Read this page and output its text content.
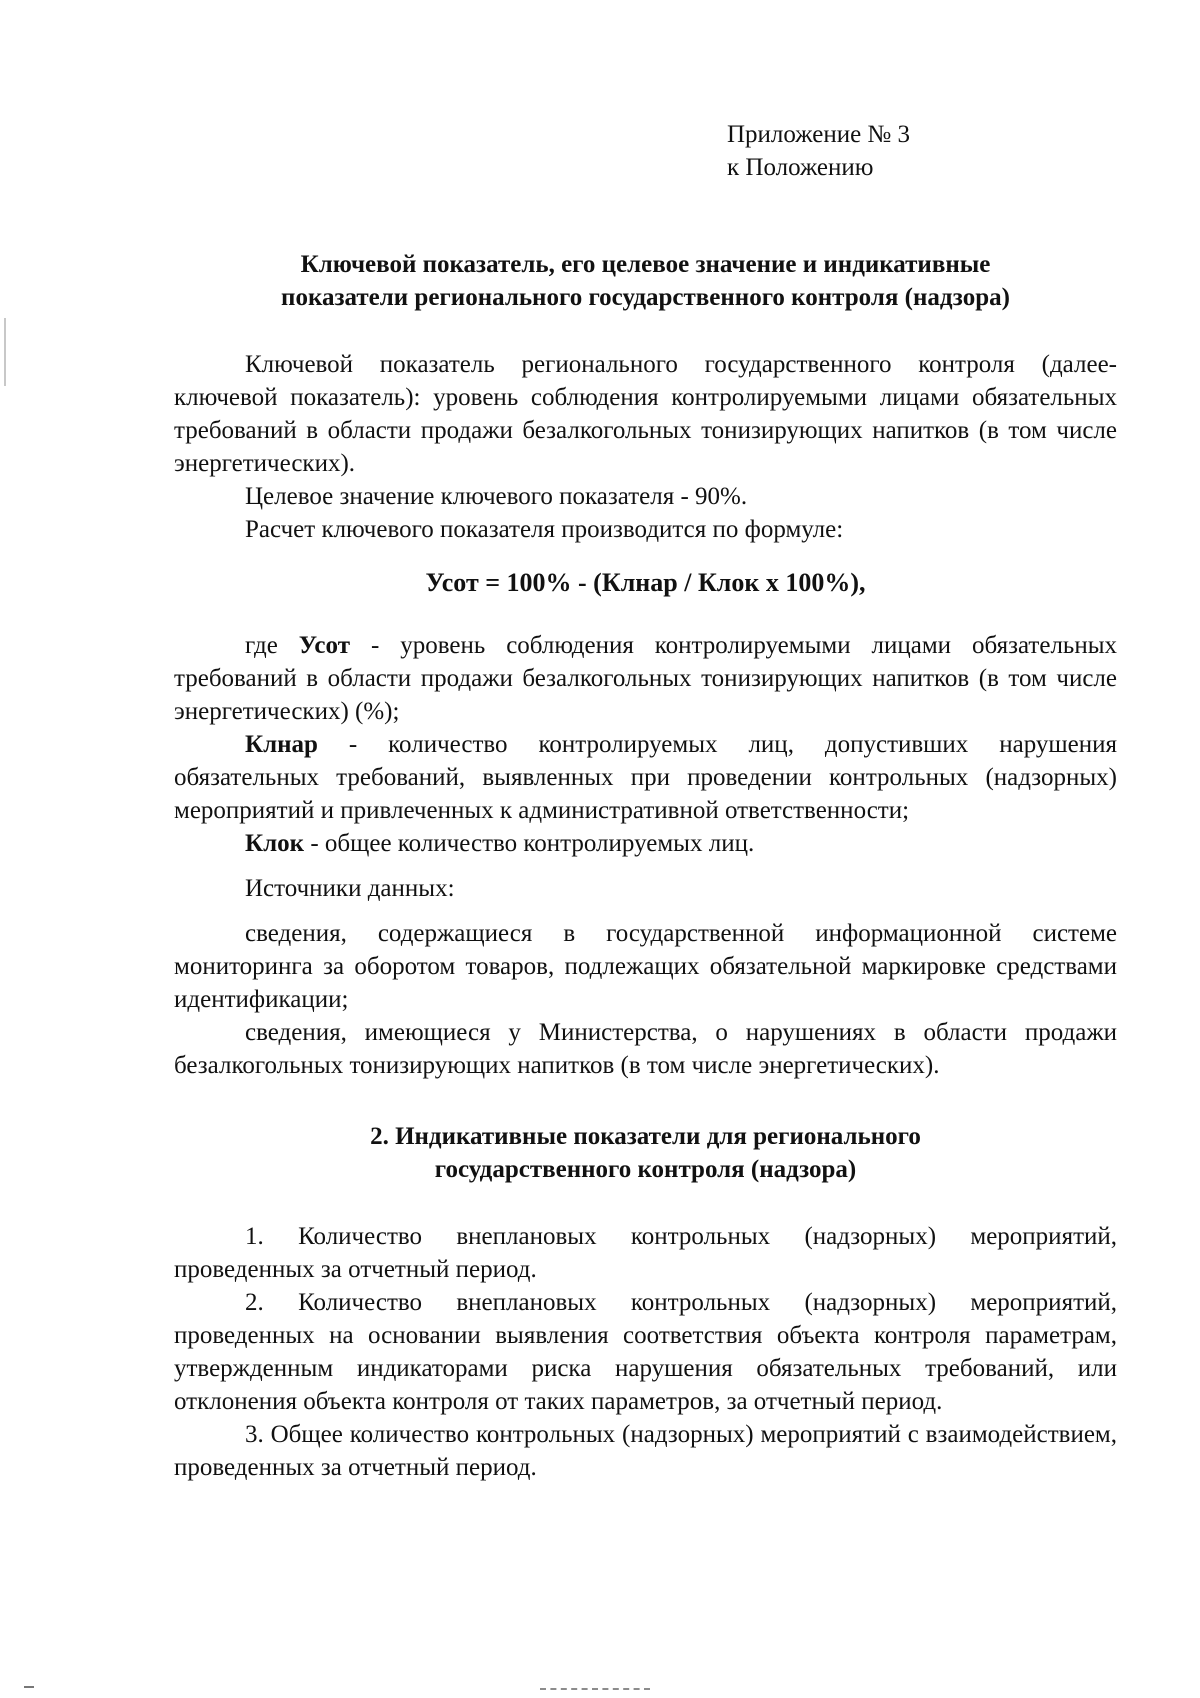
Приложение № 3
к Положению
Ключевой показатель, его целевое значение и индикативные
показатели регионального государственного контроля (надзора)

Ключевой показатель регионального государственного контроля (далее-ключевой показатель): уровень соблюдения контролируемыми лицами обязательных требований в области продажи безалкогольных тонизирующих напитков (в том числе энергетических).

Целевое значение ключевого показателя - 90%.

Расчет ключевого показателя производится по формуле:

Усот = 100% - (Клнар / Клок х 100%),

где Усот - уровень соблюдения контролируемыми лицами обязательных требований в области продажи безалкогольных тонизирующих напитков (в том числе энергетических) (%);

Клнар - количество контролируемых лиц, допустивших нарушения обязательных требований, выявленных при проведении контрольных (надзорных) мероприятий и привлеченных к административной ответственности;

Клок - общее количество контролируемых лиц.

Источники данных:

сведения, содержащиеся в государственной информационной системе мониторинга за оборотом товаров, подлежащих обязательной маркировке средствами идентификации;

сведения, имеющиеся у Министерства, о нарушениях в области продажи безалкогольных тонизирующих напитков (в том числе энергетических).

2. Индикативные показатели для регионального
государственного контроля (надзора)

1. Количество внеплановых контрольных (надзорных) мероприятий, проведенных за отчетный период.

2. Количество внеплановых контрольных (надзорных) мероприятий, проведенных на основании выявления соответствия объекта контроля параметрам, утвержденным индикаторами риска нарушения обязательных требований, или отклонения объекта контроля от таких параметров, за отчетный период.

3. Общее количество контрольных (надзорных) мероприятий с взаимодействием, проведенных за отчетный период.
